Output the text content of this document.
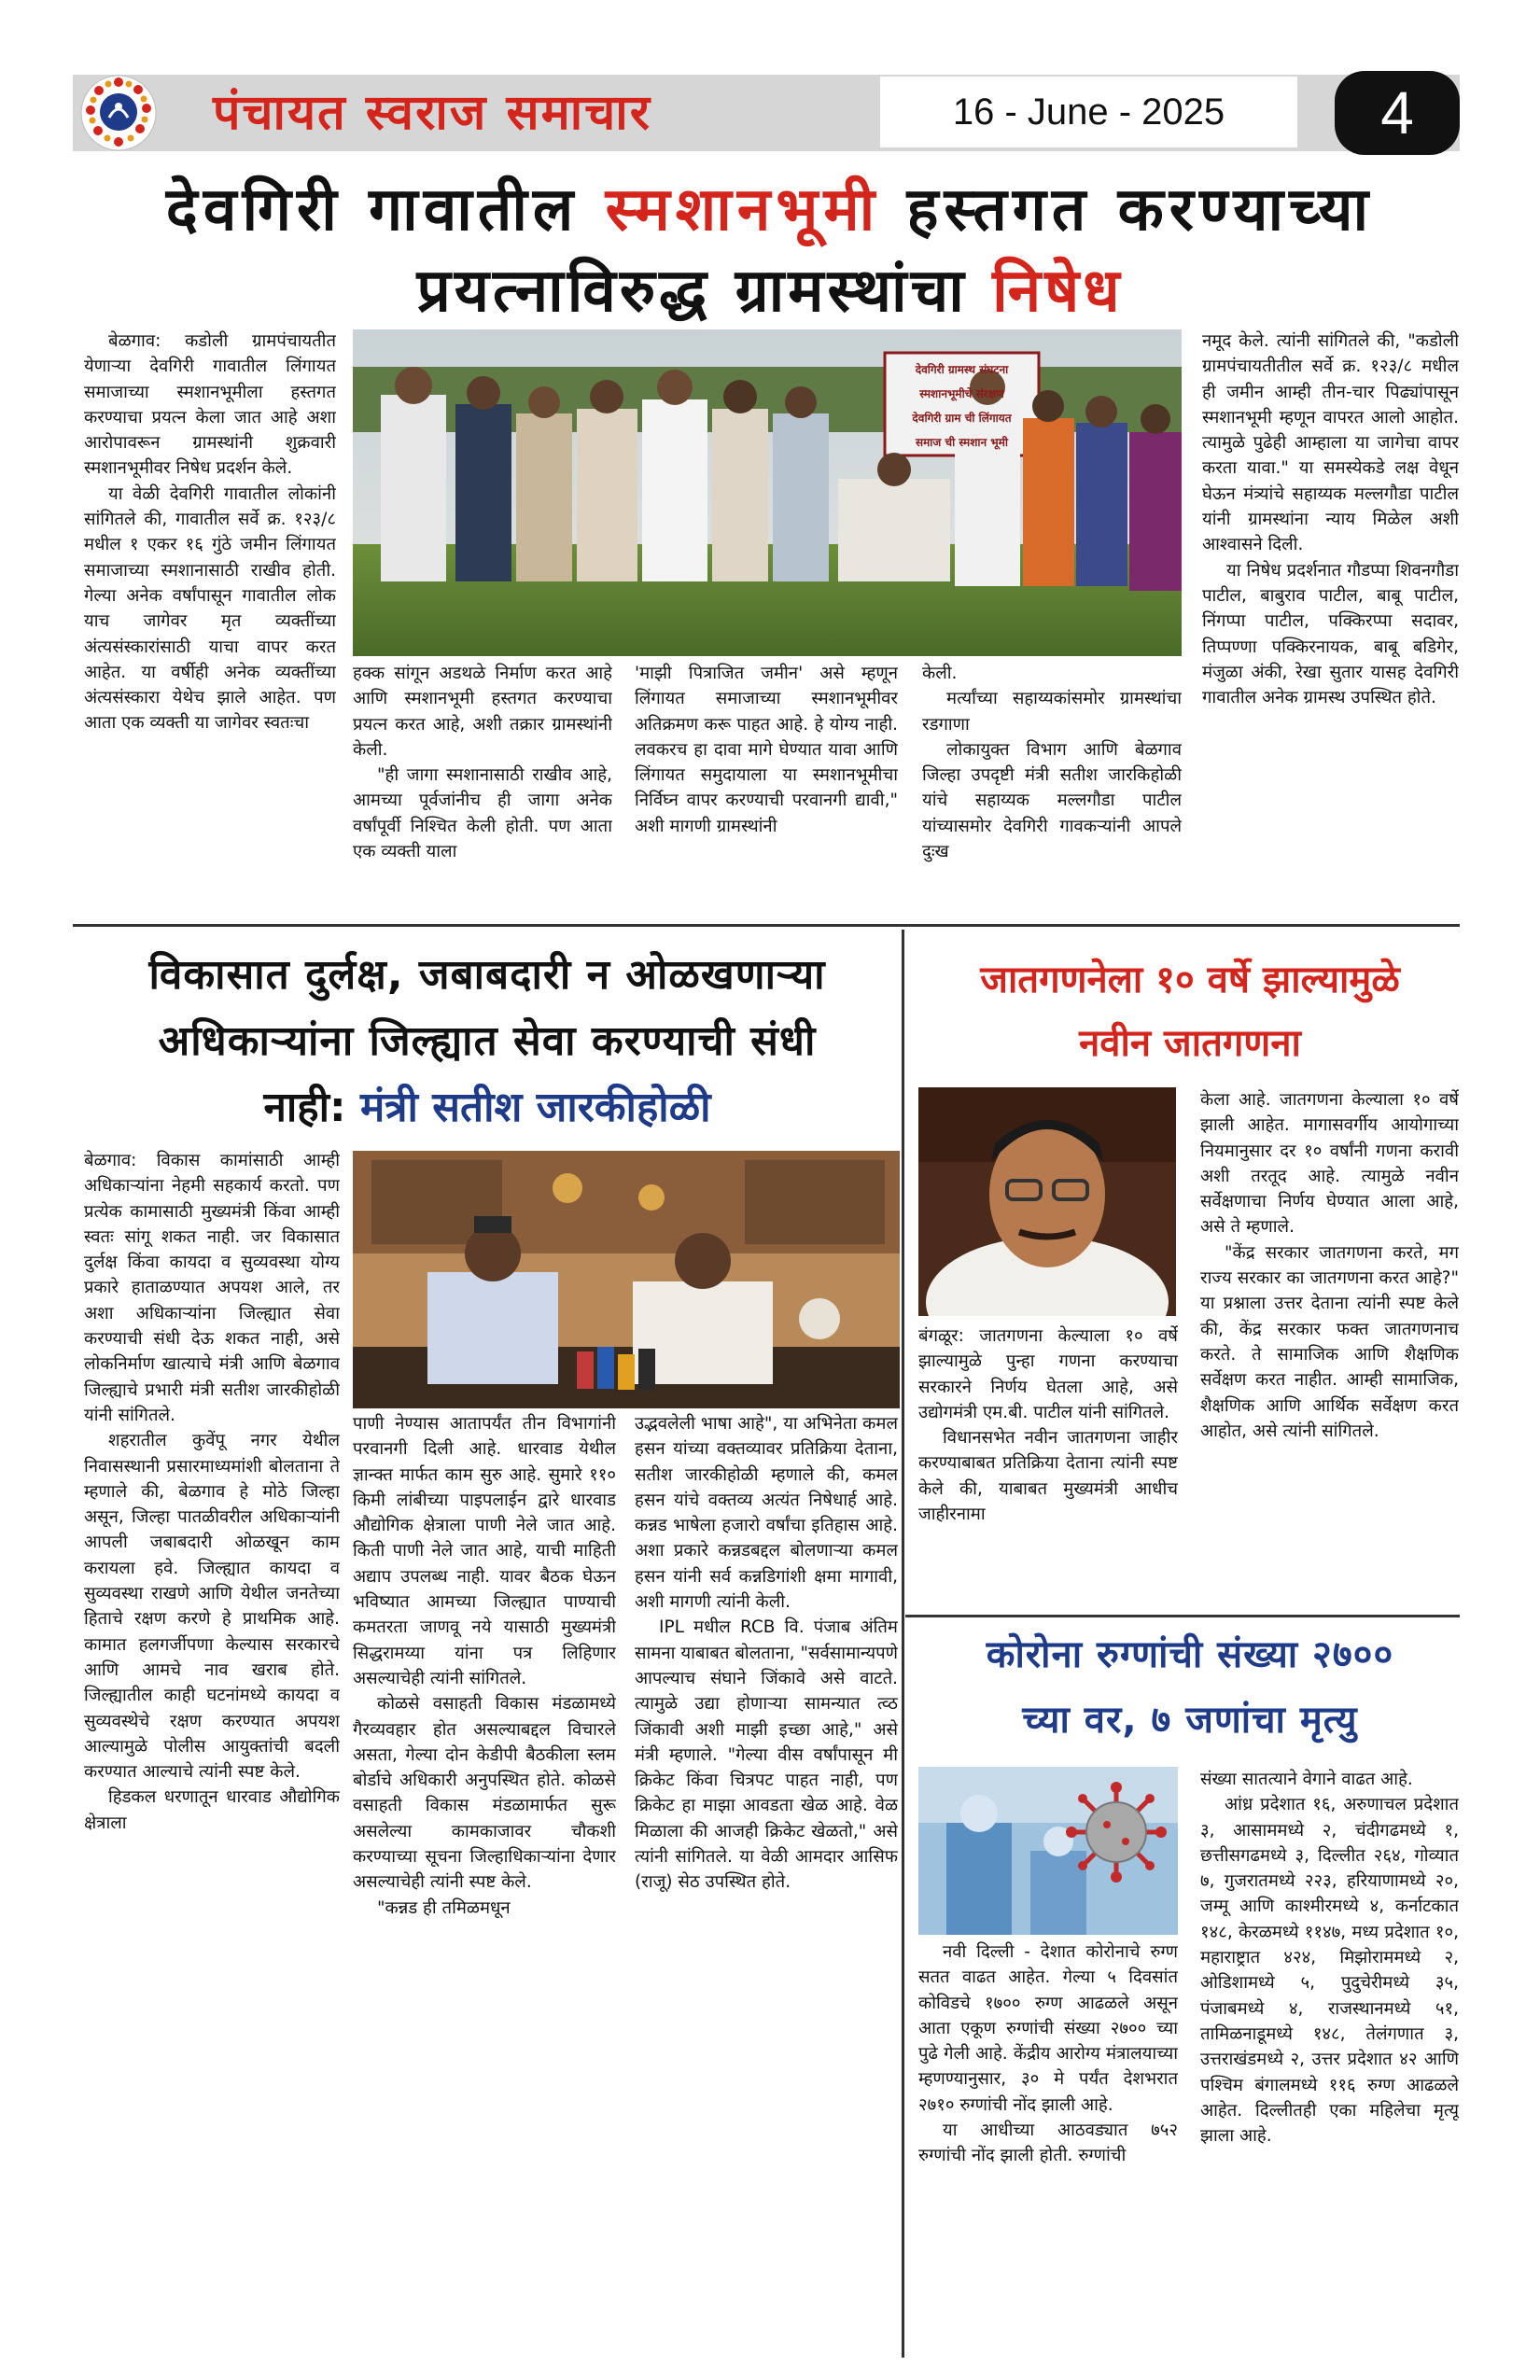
पंचायत स्वराज समाचार	16 - June - 2025	4
देवगिरी गावातील स्मशानभूमी हस्तगत करण्याच्या
प्रयत्नाविरुद्ध ग्रामस्थांचा निषेध
देवगिरी ग्रामस्थ संघटना
स्मशानभूमीचे संरक्षण
देवगिरी ग्राम ची लिंगायत
समाज ची स्मशान भूमी

बेळगाव: कडोली ग्रामपंचायतीत येणाऱ्या देवगिरी गावातील लिंगायत समाजाच्या स्मशानभूमीला हस्तगत करण्याचा प्रयत्न केला जात आहे अशा आरोपावरून ग्रामस्थांनी शुक्रवारी स्मशानभूमीवर निषेध प्रदर्शन केले.

या वेळी देवगिरी गावातील लोकांनी सांगितले की, गावातील सर्वे क्र. १२३/८ मधील १ एकर १६ गुंठे जमीन लिंगायत समाजाच्या स्मशानासाठी राखीव होती. गेल्या अनेक वर्षांपासून गावातील लोक याच जागेवर मृत व्यक्तींच्या अंत्यसंस्कारांसाठी याचा वापर करत आहेत. या वर्षीही अनेक व्यक्तींच्या अंत्यसंस्कारा येथेच झाले आहेत. पण आता एक व्यक्ती या जागेवर स्वतःचा

हक्क सांगून अडथळे निर्माण करत आहे आणि स्मशानभूमी हस्तगत करण्याचा प्रयत्न करत आहे, अशी तक्रार ग्रामस्थांनी केली.

"ही जागा स्मशानासाठी राखीव आहे, आमच्या पूर्वजांनीच ही जागा अनेक वर्षांपूर्वी निश्चित केली होती. पण आता एक व्यक्ती याला

'माझी पित्राजित जमीन' असे म्हणून लिंगायत समाजाच्या स्मशानभूमीवर अतिक्रमण करू पाहत आहे. हे योग्य नाही. लवकरच हा दावा मागे घेण्यात यावा आणि लिंगायत समुदायाला या स्मशानभूमीचा निर्विघ्न वापर करण्याची परवानगी द्यावी," अशी मागणी ग्रामस्थांनी

केली.

मर्त्यांच्या सहाय्यकांसमोर ग्रामस्थांचा रडगाणा

लोकायुक्त विभाग आणि बेळगाव जिल्हा उपदृष्टी मंत्री सतीश जारकिहोळी यांचे सहाय्यक मल्लगौडा पाटील यांच्यासमोर देवगिरी गावकऱ्यांनी आपले दुःख

नमूद केले. त्यांनी सांगितले की, "कडोली ग्रामपंचायतीतील सर्वे क्र. १२३/८ मधील ही जमीन आम्ही तीन-चार पिढ्यांपासून स्मशानभूमी म्हणून वापरत आलो आहोत. त्यामुळे पुढेही आम्हाला या जागेचा वापर करता यावा." या समस्येकडे लक्ष वेधून घेऊन मंत्र्यांचे सहाय्यक मल्लगौडा पाटील यांनी ग्रामस्थांना न्याय मिळेल अशी आश्वासने दिली.

या निषेध प्रदर्शनात गौडप्पा शिवनगौडा पाटील, बाबुराव पाटील, बाबू पाटील, निंगप्पा पाटील, पक्किरप्पा सदावर, तिप्पण्णा पक्किरनायक, बाबू बडिगेर, मंजुळा अंकी, रेखा सुतार यासह देवगिरी गावातील अनेक ग्रामस्थ उपस्थित होते.

विकासात दुर्लक्ष, जबाबदारी न ओळखणाऱ्या
अधिकाऱ्यांना जिल्ह्यात सेवा करण्याची संधी
नाही: मंत्री सतीश जारकीहोळी

बेळगाव: विकास कामांसाठी आम्ही अधिकाऱ्यांना नेहमी सहकार्य करतो. पण प्रत्येक कामासाठी मुख्यमंत्री किंवा आम्ही स्वतः सांगू शकत नाही. जर विकासात दुर्लक्ष किंवा कायदा व सुव्यवस्था योग्य प्रकारे हाताळण्यात अपयश आले, तर अशा अधिकाऱ्यांना जिल्ह्यात सेवा करण्याची संधी देऊ शकत नाही, असे लोकनिर्माण खात्याचे मंत्री आणि बेळगाव जिल्ह्याचे प्रभारी मंत्री सतीश जारकीहोळी यांनी सांगितले.

शहरातील कुवेंपू नगर येथील निवासस्थानी प्रसारमाध्यमांशी बोलताना ते म्हणाले की, बेळगाव हे मोठे जिल्हा असून, जिल्हा पातळीवरील अधिकाऱ्यांनी आपली जबाबदारी ओळखून काम करायला हवे. जिल्ह्यात कायदा व सुव्यवस्था राखणे आणि येथील जनतेच्या हिताचे रक्षण करणे हे प्राथमिक आहे. कामात हलगर्जीपणा केल्यास सरकारचे आणि आमचे नाव खराब होते. जिल्ह्यातील काही घटनांमध्ये कायदा व सुव्यवस्थेचे रक्षण करण्यात अपयश आल्यामुळे पोलीस आयुक्तांची बदली करण्यात आल्याचे त्यांनी स्पष्ट केले.

हिडकल धरणातून धारवाड औद्योगिक क्षेत्राला

पाणी नेण्यास आतापर्यंत तीन विभागांनी परवानगी दिली आहे. धारवाड येथील ज्ञान्क्त मार्फत काम सुरु आहे. सुमारे ११० किमी लांबीच्या पाइपलाईन द्वारे धारवाड औद्योगिक क्षेत्राला पाणी नेले जात आहे. किती पाणी नेले जात आहे, याची माहिती अद्याप उपलब्ध नाही. यावर बैठक घेऊन भविष्यात आमच्या जिल्ह्यात पाण्याची कमतरता जाणवू नये यासाठी मुख्यमंत्री सिद्धरामय्या यांना पत्र लिहिणार असल्याचेही त्यांनी सांगितले.

कोळसे वसाहती विकास मंडळामध्ये गैरव्यवहार होत असल्याबद्दल विचारले असता, गेल्या दोन केडीपी बैठकीला स्लम बोर्डाचे अधिकारी अनुपस्थित होते. कोळसे वसाहती विकास मंडळामार्फत सुरू असलेल्या कामकाजावर चौकशी करण्याच्या सूचना जिल्हाधिकाऱ्यांना देणार असल्याचेही त्यांनी स्पष्ट केले.

"कन्नड ही तमिळमधून

उद्भवलेली भाषा आहे", या अभिनेता कमल हसन यांच्या वक्तव्यावर प्रतिक्रिया देताना, सतीश जारकीहोळी म्हणाले की, कमल हसन यांचे वक्तव्य अत्यंत निषेधार्ह आहे. कन्नड भाषेला हजारो वर्षांचा इतिहास आहे. अशा प्रकारे कन्नडबद्दल बोलणाऱ्या कमल हसन यांनी सर्व कन्नडिगांशी क्षमा मागावी, अशी मागणी त्यांनी केली.

IPL मधील RCB वि. पंजाब अंतिम सामना याबाबत बोलताना, "सर्वसामान्यपणे आपल्याच संघाने जिंकावे असे वाटते. त्यामुळे उद्या होणाऱ्या सामन्यात त्व्ठ जिंकावी अशी माझी इच्छा आहे," असे मंत्री म्हणाले. "गेल्या वीस वर्षांपासून मी क्रिकेट किंवा चित्रपट पाहत नाही, पण क्रिकेट हा माझा आवडता खेळ आहे. वेळ मिळाला की आजही क्रिकेट खेळतो," असे त्यांनी सांगितले. या वेळी आमदार आसिफ (राजू) सेठ उपस्थित होते.

जातगणनेला १० वर्षे झाल्यामुळे
नवीन जातगणना

बंगळूर: जातगणना केल्याला १० वर्षे झाल्यामुळे पुन्हा गणना करण्याचा सरकारने निर्णय घेतला आहे, असे उद्योगमंत्री एम.बी. पाटील यांनी सांगितले.

विधानसभेत नवीन जातगणना जाहीर करण्याबाबत प्रतिक्रिया देताना त्यांनी स्पष्ट केले की, याबाबत मुख्यमंत्री आधीच जाहीरनामा

केला आहे. जातगणना केल्याला १० वर्षे झाली आहेत. मागासवर्गीय आयोगाच्या नियमानुसार दर १० वर्षांनी गणना करावी अशी तरतूद आहे. त्यामुळे नवीन सर्वेक्षणाचा निर्णय घेण्यात आला आहे, असे ते म्हणाले.

"केंद्र सरकार जातगणना करते, मग राज्य सरकार का जातगणना करत आहे?" या प्रश्नाला उत्तर देताना त्यांनी स्पष्ट केले की, केंद्र सरकार फक्त जातगणनाच करते. ते सामाजिक आणि शैक्षणिक सर्वेक्षण करत नाहीत. आम्ही सामाजिक, शैक्षणिक आणि आर्थिक सर्वेक्षण करत आहोत, असे त्यांनी सांगितले.

कोरोना रुग्णांची संख्या २७००
च्या वर, ७ जणांचा मृत्यु

नवी दिल्ली - देशात कोरोनाचे रुग्ण सतत वाढत आहेत. गेल्या ५ दिवसांत कोविडचे १७०० रुग्ण आढळले असून आता एकूण रुग्णांची संख्या २७०० च्या पुढे गेली आहे. केंद्रीय आरोग्य मंत्रालयाच्या म्हणण्यानुसार, ३० मे पर्यंत देशभरात २७१० रुग्णांची नोंद झाली आहे.

या आधीच्या आठवड्यात ७५२ रुग्णांची नोंद झाली होती. रुग्णांची

संख्या सातत्याने वेगाने वाढत आहे.

आंध्र प्रदेशात १६, अरुणाचल प्रदेशात ३, आसाममध्ये २, चंदीगढमध्ये १, छत्तीसगढमध्ये ३, दिल्लीत २६४, गोव्यात ७, गुजरातमध्ये २२३, हरियाणामध्ये २०, जम्मू आणि काश्मीरमध्ये ४, कर्नाटकात १४८, केरळमध्ये ११४७, मध्य प्रदेशात १०, महाराष्ट्रात ४२४, मिझोराममध्ये २, ओडिशामध्ये ५, पुदुचेरीमध्ये ३५, पंजाबमध्ये ४, राजस्थानमध्ये ५१, तामिळनाडूमध्ये १४८, तेलंगणात ३, उत्तराखंडमध्ये २, उत्तर प्रदेशात ४२ आणि पश्चिम बंगालमध्ये ११६ रुग्ण आढळले आहेत. दिल्लीतही एका महिलेचा मृत्यू झाला आहे.
